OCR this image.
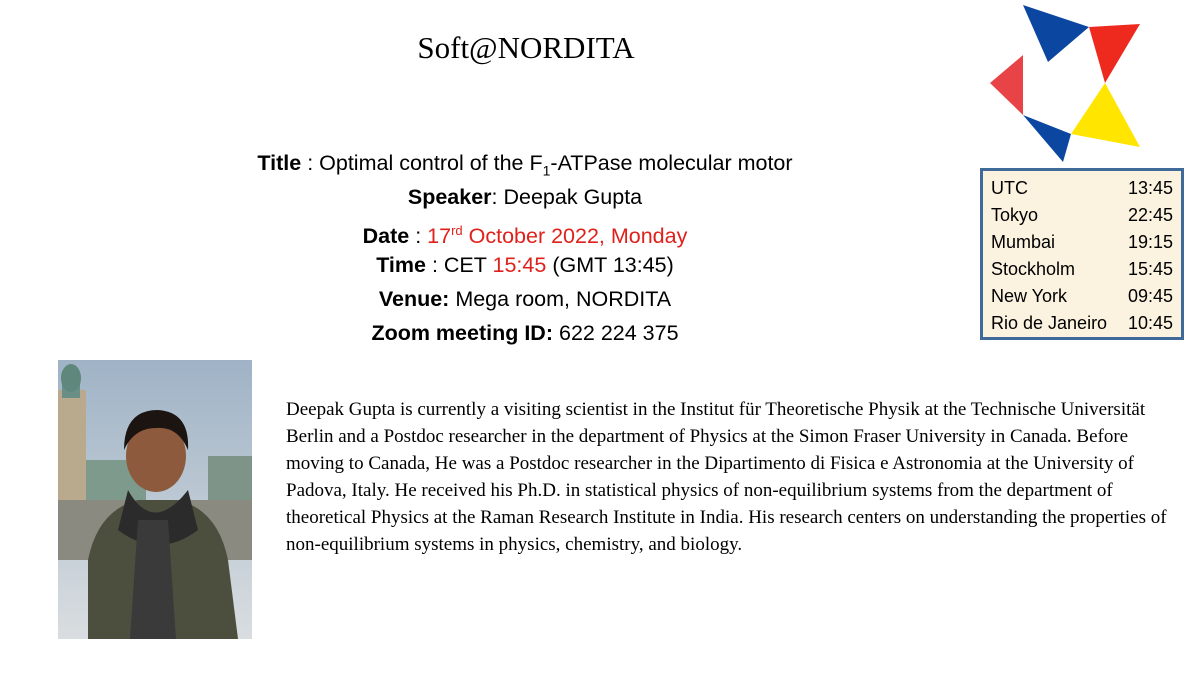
Soft@NORDITA
Title : Optimal control of the $F_1$-ATPase molecular motor
Speaker: Deepak Gupta
Date : 17rd October 2022, Monday
Time : CET 15:45 (GMT 13:45)
Venue: Mega room, NORDITA
Zoom meeting ID: 622 224 375
UTC	13:45
Tokyo	22:45
Mumbai	19:15
Stockholm	15:45
New York	09:45
Rio de Janeiro 10:45
Deepak Gupta is currently a visiting scientist in the Institut für Theoretische Physik at the Technische Universität Berlin and a Postdoc researcher in the department of Physics at the Simon Fraser University in Canada. Before moving to Canada, He was a Postdoc researcher in the Dipartimento di Fisica e Astronomia at the University of Padova, Italy. He received his Ph.D. in statistical physics of non-equilibrium systems from the department of theoretical Physics at the Raman Research Institute in India. His research centers on understanding the properties of non-equilibrium systems in physics, chemistry, and biology.
